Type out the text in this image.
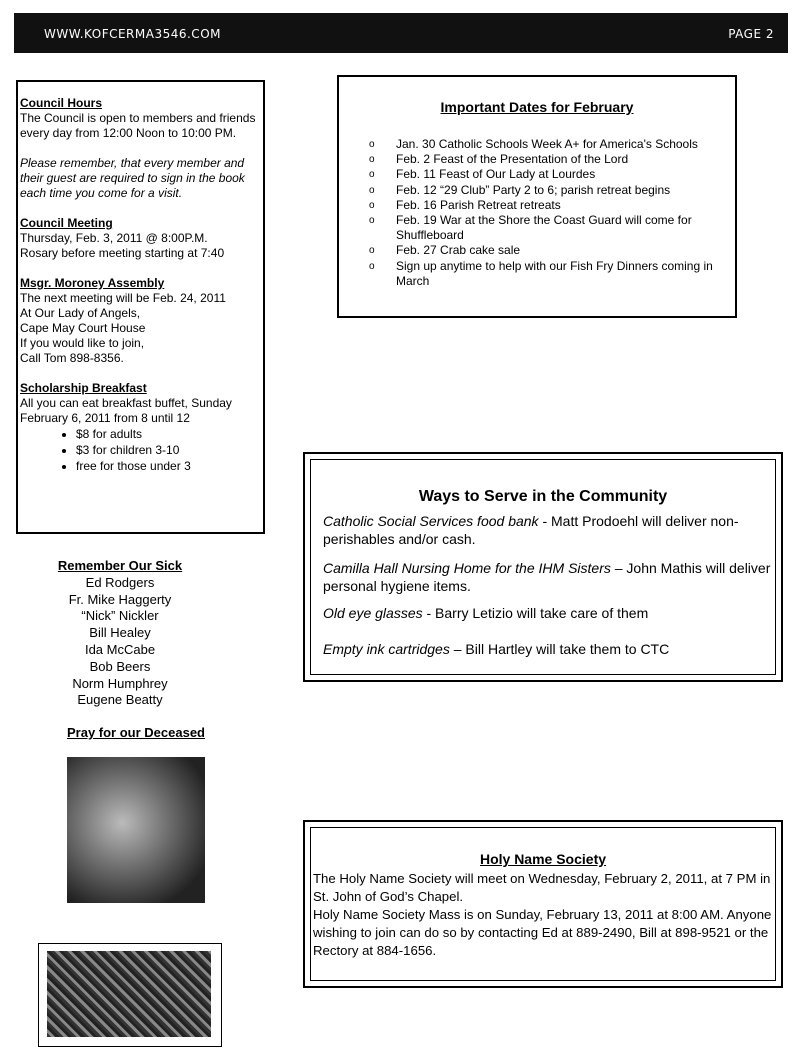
WWW.KOFCERMA3546.COM	PAGE 2

Council Hours

The Council is open to members and friends every day from 12:00 Noon to 10:00 PM.

Please remember, that every member and their guest are required to sign in the book each time you come for a visit.

Council Meeting

Thursday, Feb. 3, 2011 @ 8:00P.M.

Rosary before meeting starting at 7:40

Msgr. Moroney Assembly

The next meeting will be Feb. 24, 2011

At Our Lady of Angels,

Cape May Court House

If you would like to join,

Call Tom 898-8356.

Scholarship Breakfast

All you can eat breakfast buffet, Sunday February 6, 2011 from 8 until 12

• $8 for adults
• $3 for children 3-10
• free for those under 3
Important Dates for February
o Jan. 30 Catholic Schools Week A+ for America's Schools
o Feb. 2 Feast of the Presentation of the Lord
o Feb. 11 Feast of Our Lady at Lourdes
o Feb. 12 “29 Club” Party 2 to 6; parish retreat begins
o Feb. 16 Parish Retreat retreats
o Feb. 19 War at the Shore the Coast Guard will come for Shuffleboard
o Feb. 27 Crab cake sale
o Sign up anytime to help with our Fish Fry Dinners coming in March
Ways to Serve in the Community
Catholic Social Services food bank - Matt Prodoehl will deliver non-perishables and/or cash.
Camilla Hall Nursing Home for the IHM Sisters – John Mathis will deliver personal hygiene items.
Old eye glasses - Barry Letizio will take care of them
Empty ink cartridges – Bill Hartley will take them to CTC
Remember Our Sick
Ed Rodgers
Fr. Mike Haggerty
“Nick” Nickler
Bill Healey
Ida McCabe
Bob Beers
Norm Humphrey
Eugene Beatty
Pray for our Deceased
Holy Name Society

The Holy Name Society will meet on Wednesday, February 2, 2011, at 7 PM in St. John of God’s Chapel.

Holy Name Society Mass is on Sunday, February 13, 2011 at 8:00 AM. Anyone wishing to join can do so by contacting Ed at 889-2490, Bill at 898-9521 or the Rectory at 884-1656.
